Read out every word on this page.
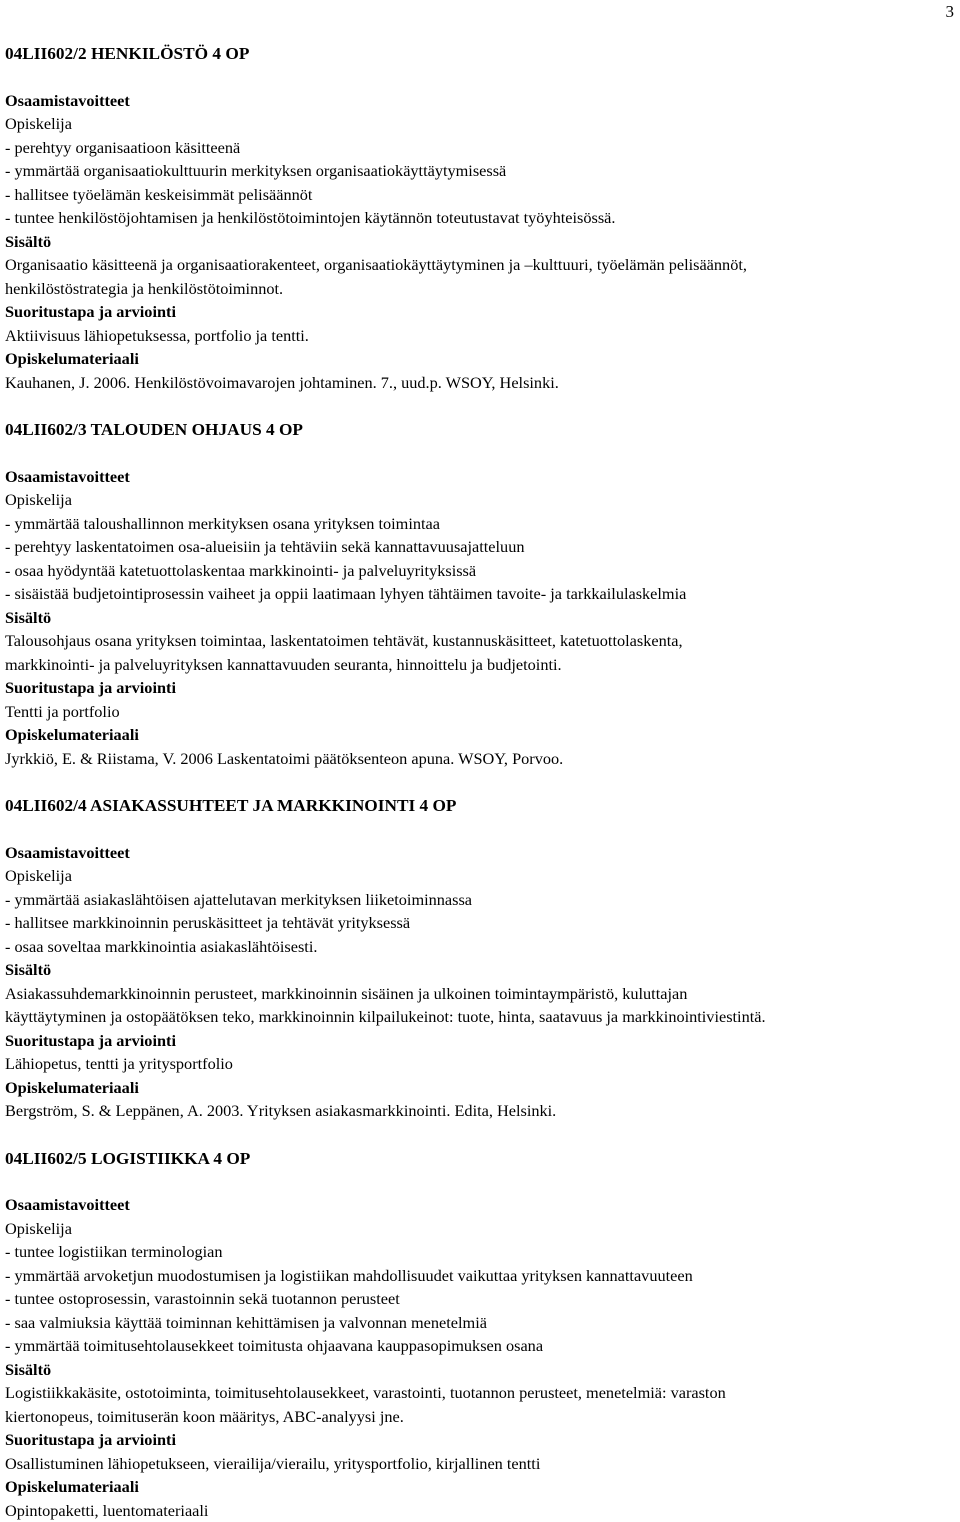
3
04LII602/2 HENKILÖSTÖ 4 OP
Osaamistavoitteet
Opiskelija
- perehtyy organisaatioon käsitteenä
- ymmärtää organisaatiokulttuurin merkityksen organisaatiokäyttäytymisessä
- hallitsee työelämän keskeisimmät pelisäännöt
- tuntee henkilöstöjohtamisen ja henkilöstötoimintojen käytännön toteutustavat työyhteisössä.
Sisältö
Organisaatio käsitteenä ja organisaatiorakenteet, organisaatiokäyttäytyminen ja –kulttuuri, työelämän pelisäännöt,
henkilöstöstrategia ja henkilöstötoiminnot.
Suoritustapa ja arviointi
Aktiivisuus lähiopetuksessa, portfolio ja tentti.
Opiskelumateriaali
Kauhanen, J. 2006. Henkilöstövoimavarojen johtaminen. 7., uud.p. WSOY, Helsinki.
04LII602/3 TALOUDEN OHJAUS 4 OP
Osaamistavoitteet
Opiskelija
- ymmärtää taloushallinnon merkityksen osana yrityksen toimintaa
- perehtyy laskentatoimen osa-alueisiin ja tehtäviin sekä kannattavuusajatteluun
- osaa hyödyntää katetuottolaskentaa markkinointi- ja palveluyrityksissä
- sisäistää budjetointiprosessin vaiheet ja oppii laatimaan lyhyen tähtäimen tavoite- ja tarkkailulaskelmia
Sisältö
Talousohjaus osana yrityksen toimintaa, laskentatoimen tehtävät, kustannuskäsitteet, katetuottolaskenta,
markkinointi- ja palveluyrityksen kannattavuuden seuranta, hinnoittelu ja budjetointi.
Suoritustapa ja arviointi
Tentti ja portfolio
Opiskelumateriaali
Jyrkkiö, E. & Riistama, V. 2006 Laskentatoimi päätöksenteon apuna. WSOY, Porvoo.
04LII602/4 ASIAKASSUHTEET JA MARKKINOINTI 4 OP
Osaamistavoitteet
Opiskelija
- ymmärtää asiakaslähtöisen ajattelutavan merkityksen liiketoiminnassa
- hallitsee markkinoinnin peruskäsitteet ja tehtävät yrityksessä
- osaa soveltaa markkinointia asiakaslähtöisesti.
Sisältö
Asiakassuhdemarkkinoinnin perusteet, markkinoinnin sisäinen ja ulkoinen toimintaympäristö, kuluttajan
käyttäytyminen ja ostopäätöksen teko, markkinoinnin kilpailukeinot: tuote, hinta, saatavuus ja markkinointiviestintä.
Suoritustapa ja arviointi
Lähiopetus, tentti ja yritysportfolio
Opiskelumateriaali
Bergström, S. & Leppänen, A. 2003. Yrityksen asiakasmarkkinointi. Edita, Helsinki.
04LII602/5 LOGISTIIKKA 4 OP
Osaamistavoitteet
Opiskelija
- tuntee logistiikan terminologian
- ymmärtää arvoketjun muodostumisen ja logistiikan mahdollisuudet vaikuttaa yrityksen kannattavuuteen
- tuntee ostoprosessin, varastoinnin sekä tuotannon perusteet
- saa valmiuksia käyttää toiminnan kehittämisen ja valvonnan menetelmiä
- ymmärtää toimitusehtolausekkeet toimitusta ohjaavana kauppasopimuksen osana
Sisältö
Logistiikkakäsite, ostotoiminta, toimitusehtolausekkeet, varastointi, tuotannon perusteet, menetelmiä: varaston
kiertonopeus, toimituserän koon määritys, ABC-analyysi jne.
Suoritustapa ja arviointi
Osallistuminen lähiopetukseen, vierailija/vierailu, yritysportfolio, kirjallinen tentti
Opiskelumateriaali
Opintopaketti, luentomateriaali
